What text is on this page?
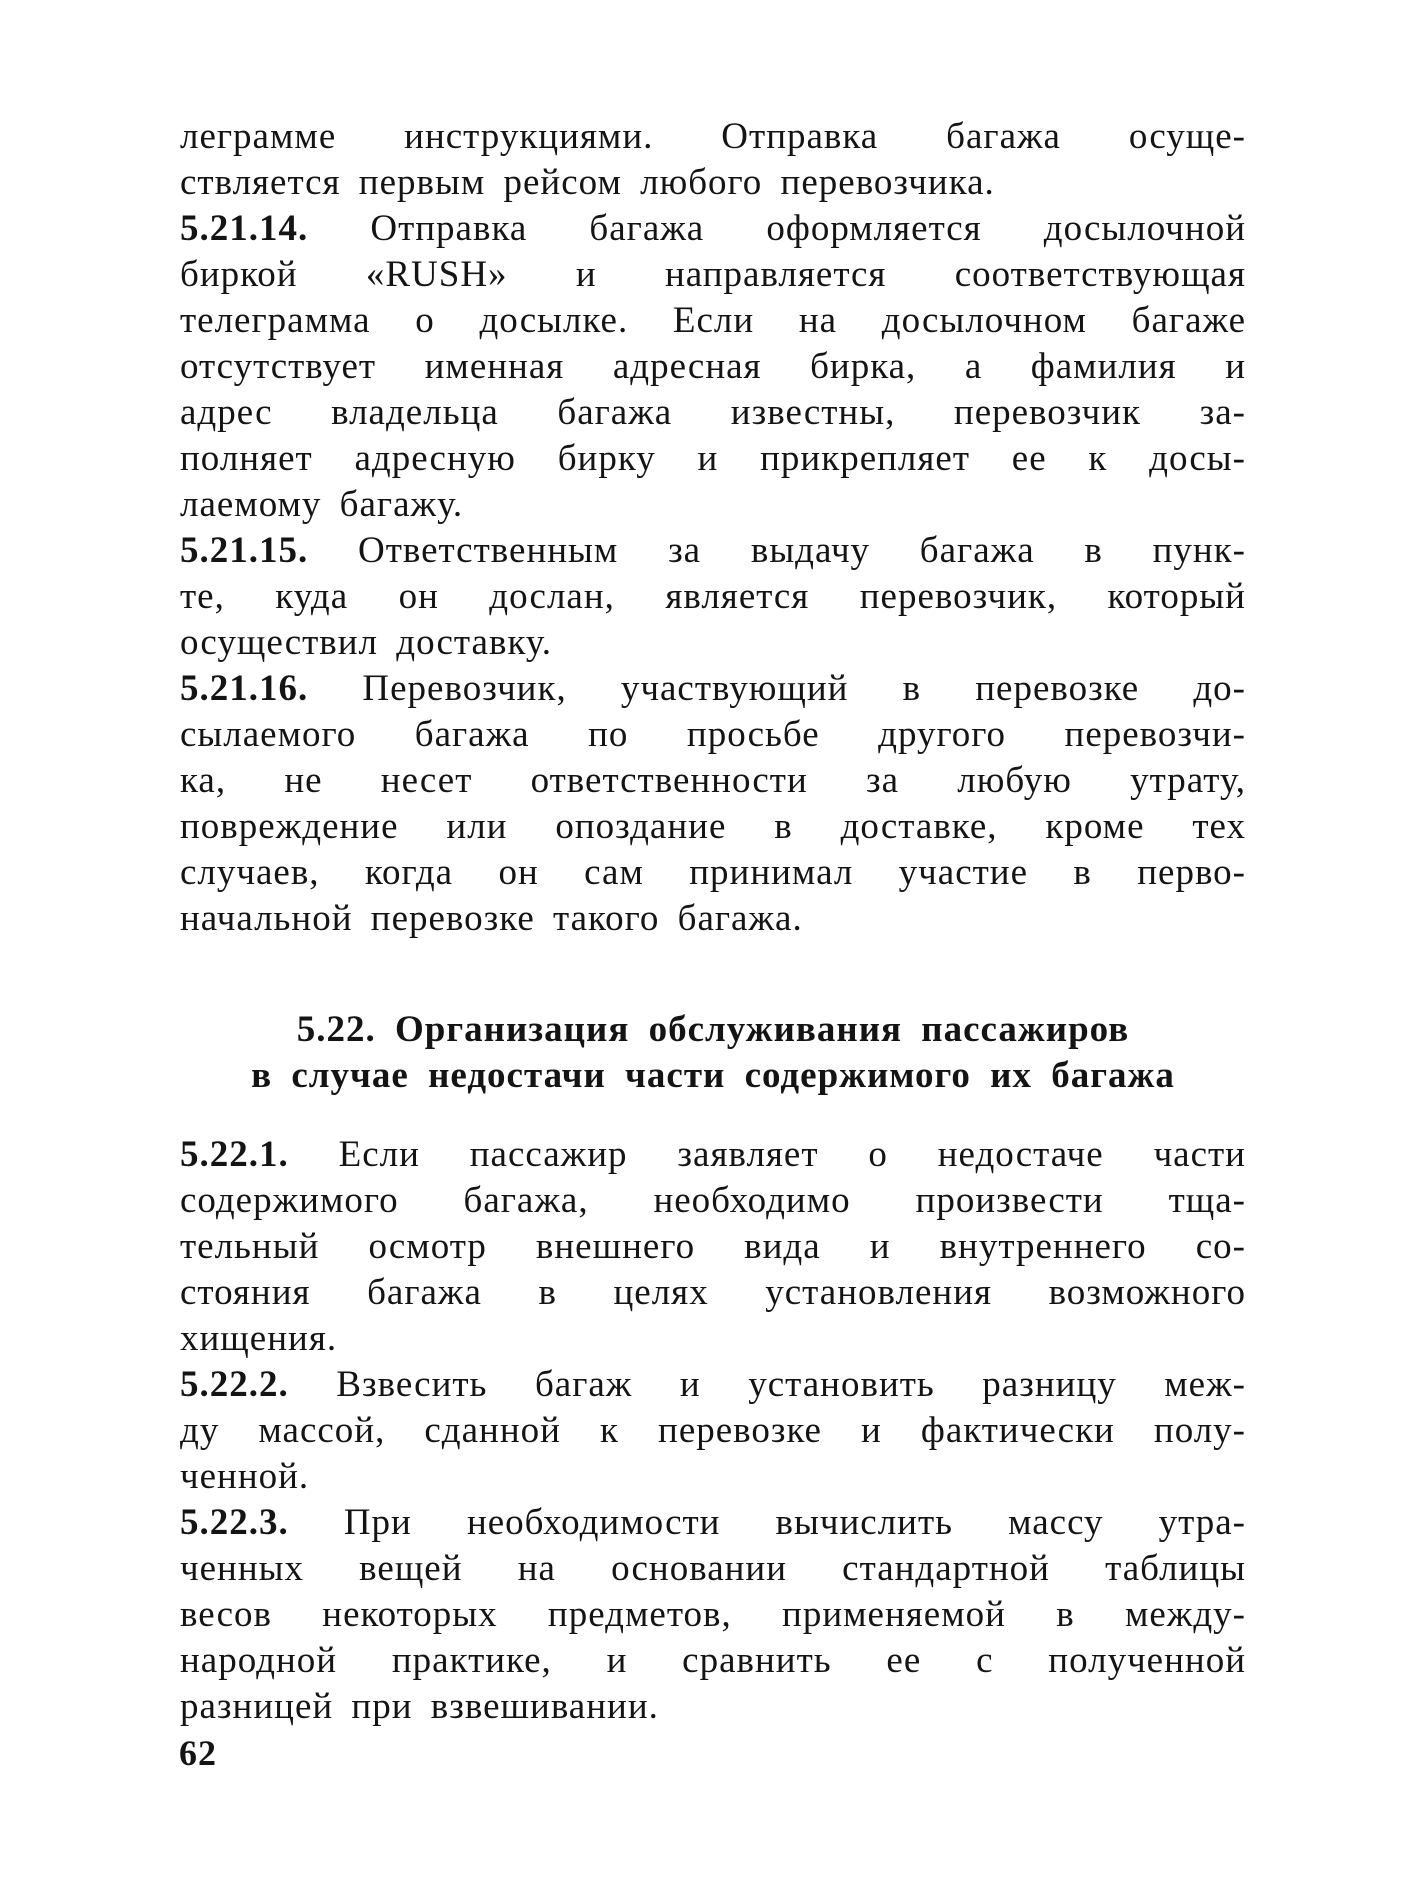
леграмме инструкциями. Отправка багажа осуще-
ствляется первым рейсом любого перевозчика.
5.21.14. Отправка багажа оформляется досылочной
биркой «RUSH» и направляется соответствующая
телеграмма о досылке. Если на досылочном багаже
отсутствует именная адресная бирка, а фамилия и
адрес владельца багажа известны, перевозчик за-
полняет адресную бирку и прикрепляет ее к досы-
лаемому багажу.
5.21.15. Ответственным за выдачу багажа в пунк-
те, куда он дослан, является перевозчик, который
осуществил доставку.
5.21.16. Перевозчик, участвующий в перевозке до-
сылаемого багажа по просьбе другого перевозчи-
ка, не несет ответственности за любую утрату,
повреждение или опоздание в доставке, кроме тех
случаев, когда он сам принимал участие в перво-
начальной перевозке такого багажа.
5.22. Организация обслуживания пассажиров
в случае недостачи части содержимого их багажа
5.22.1. Если пассажир заявляет о недостаче части
содержимого багажа, необходимо произвести тща-
тельный осмотр внешнего вида и внутреннего со-
стояния багажа в целях установления возможного
хищения.
5.22.2. Взвесить багаж и установить разницу меж-
ду массой, сданной к перевозке и фактически полу-
ченной.
5.22.3. При необходимости вычислить массу утра-
ченных вещей на основании стандартной таблицы
весов некоторых предметов, применяемой в между-
народной практике, и сравнить ее с полученной
разницей при взвешивании.
62
